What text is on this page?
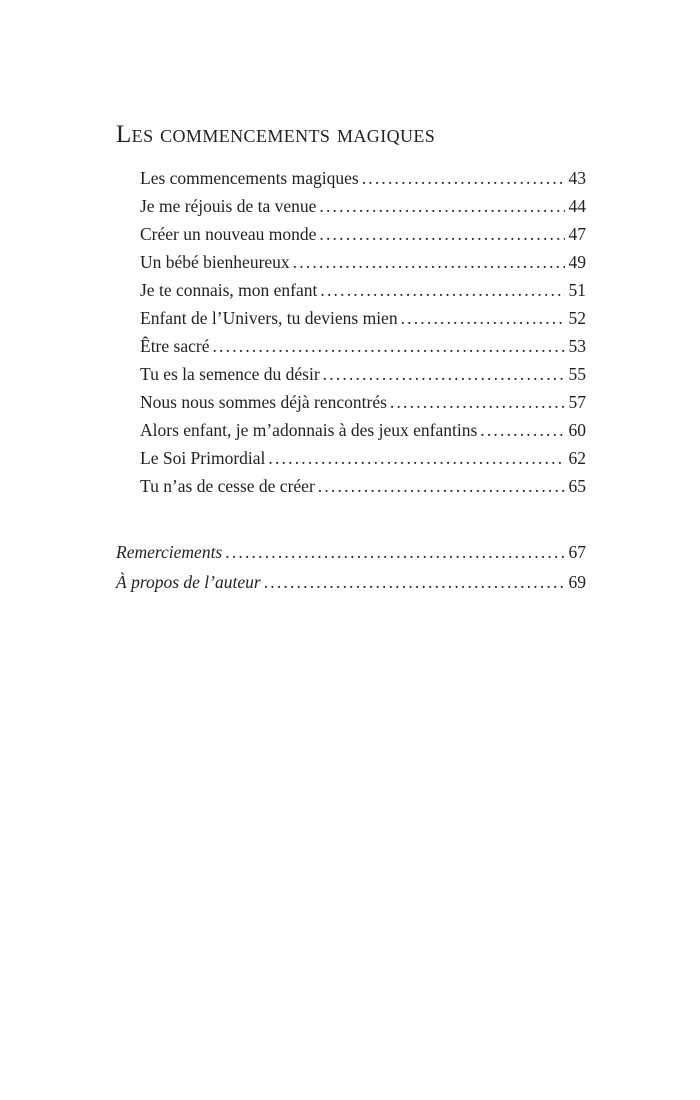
Les commencements magiques
Les commencements magiques .....	43
Je me réjouis de ta venue .....	44
Créer un nouveau monde .....	47
Un bébé bienheureux .....	49
Je te connais, mon enfant .....	51
Enfant de l’Univers, tu deviens mien .....	52
Être sacré .....	53
Tu es la semence du désir .....	55
Nous nous sommes déjà rencontrés .....	57
Alors enfant, je m’adonnais à des jeux enfantins .....	60
Le Soi Primordial .....	62
Tu n’as de cesse de créer .....	65
Remerciements .....	67
À propos de l’auteur .....	69
